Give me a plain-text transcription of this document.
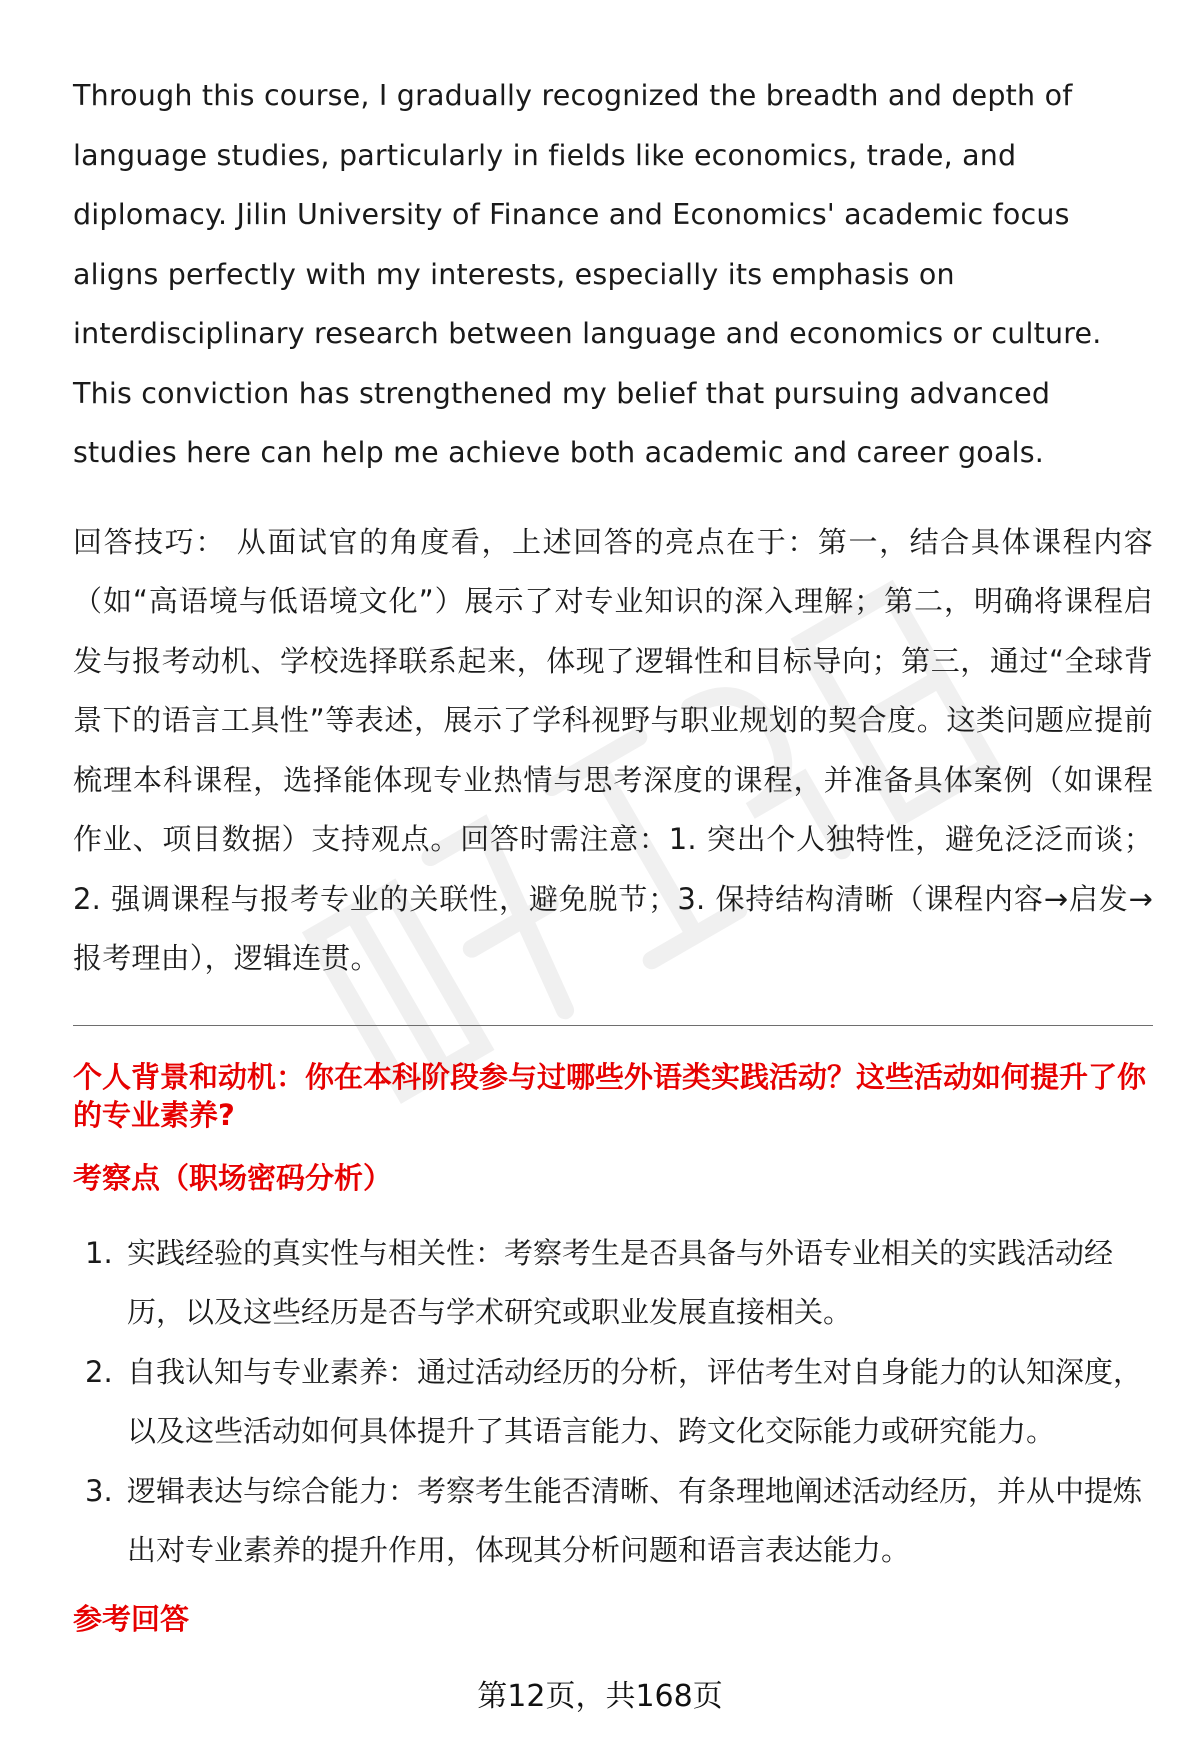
Through this course, I gradually recognized the breadth and depth of language studies, particularly in fields like economics, trade, and diplomacy. Jilin University of Finance and Economics' academic focus aligns perfectly with my interests, especially its emphasis on interdisciplinary research between language and economics or culture. This conviction has strengthened my belief that pursuing advanced studies here can help me achieve both academic and career goals.

回答技巧： 从面试官的角度看，上述回答的亮点在于：第一，结合具体课程内容（如“高语境与低语境文化”）展示了对专业知识的深入理解；第二，明确将课程启发与报考动机、学校选择联系起来，体现了逻辑性和目标导向；第三，通过“全球背景下的语言工具性”等表述，展示了学科视野与职业规划的契合度。这类问题应提前梳理本科课程，选择能体现专业热情与思考深度的课程，并准备具体案例（如课程作业、项目数据）支持观点。回答时需注意：1. 突出个人独特性，避免泛泛而谈；2. 强调课程与报考专业的关联性，避免脱节；3. 保持结构清晰（课程内容→启发→报考理由），逻辑连贯。

个人背景和动机：你在本科阶段参与过哪些外语类实践活动？这些活动如何提升了你的专业素养?

考察点（职场密码分析）

1. 实践经验的真实性与相关性：考察考生是否具备与外语专业相关的实践活动经历，以及这些经历是否与学术研究或职业发展直接相关。
2. 自我认知与专业素养：通过活动经历的分析，评估考生对自身能力的认知深度，以及这些活动如何具体提升了其语言能力、跨文化交际能力或研究能力。
3. 逻辑表达与综合能力：考察考生能否清晰、有条理地阐述活动经历，并从中提炼出对专业素养的提升作用，体现其分析问题和语言表达能力。

参考回答

第12页，共168页
